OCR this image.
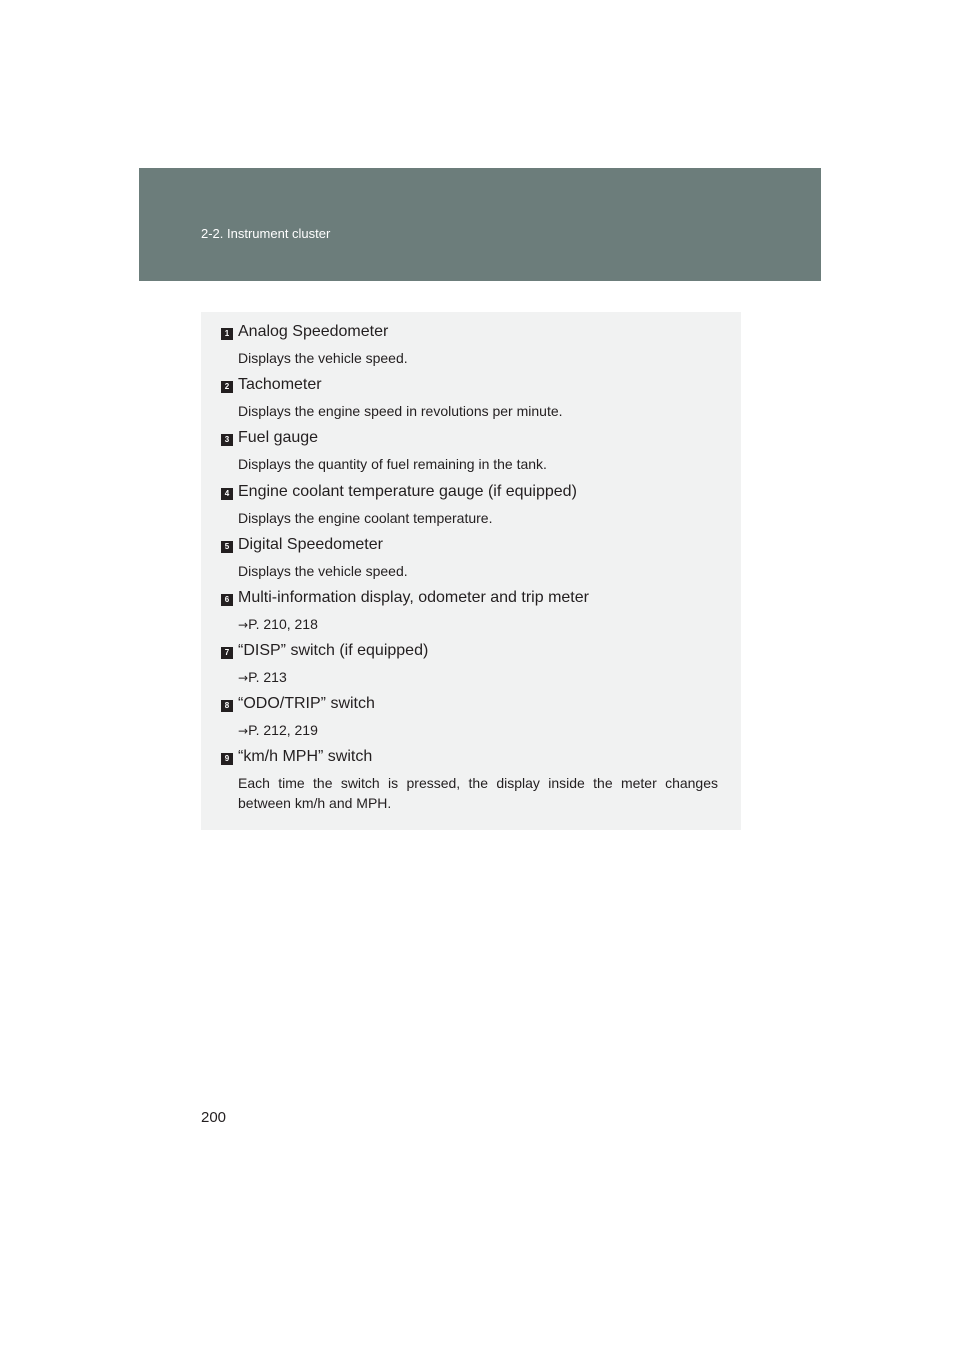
2-2. Instrument cluster
1 Analog Speedometer
Displays the vehicle speed.
2 Tachometer
Displays the engine speed in revolutions per minute.
3 Fuel gauge
Displays the quantity of fuel remaining in the tank.
4 Engine coolant temperature gauge (if equipped)
Displays the engine coolant temperature.
5 Digital Speedometer
Displays the vehicle speed.
6 Multi-information display, odometer and trip meter
→P. 210, 218
7 “DISP” switch (if equipped)
→P. 213
8 “ODO/TRIP” switch
→P. 212, 219
9 “km/h MPH” switch
Each time the switch is pressed, the display inside the meter changes between km/h and MPH.
200
